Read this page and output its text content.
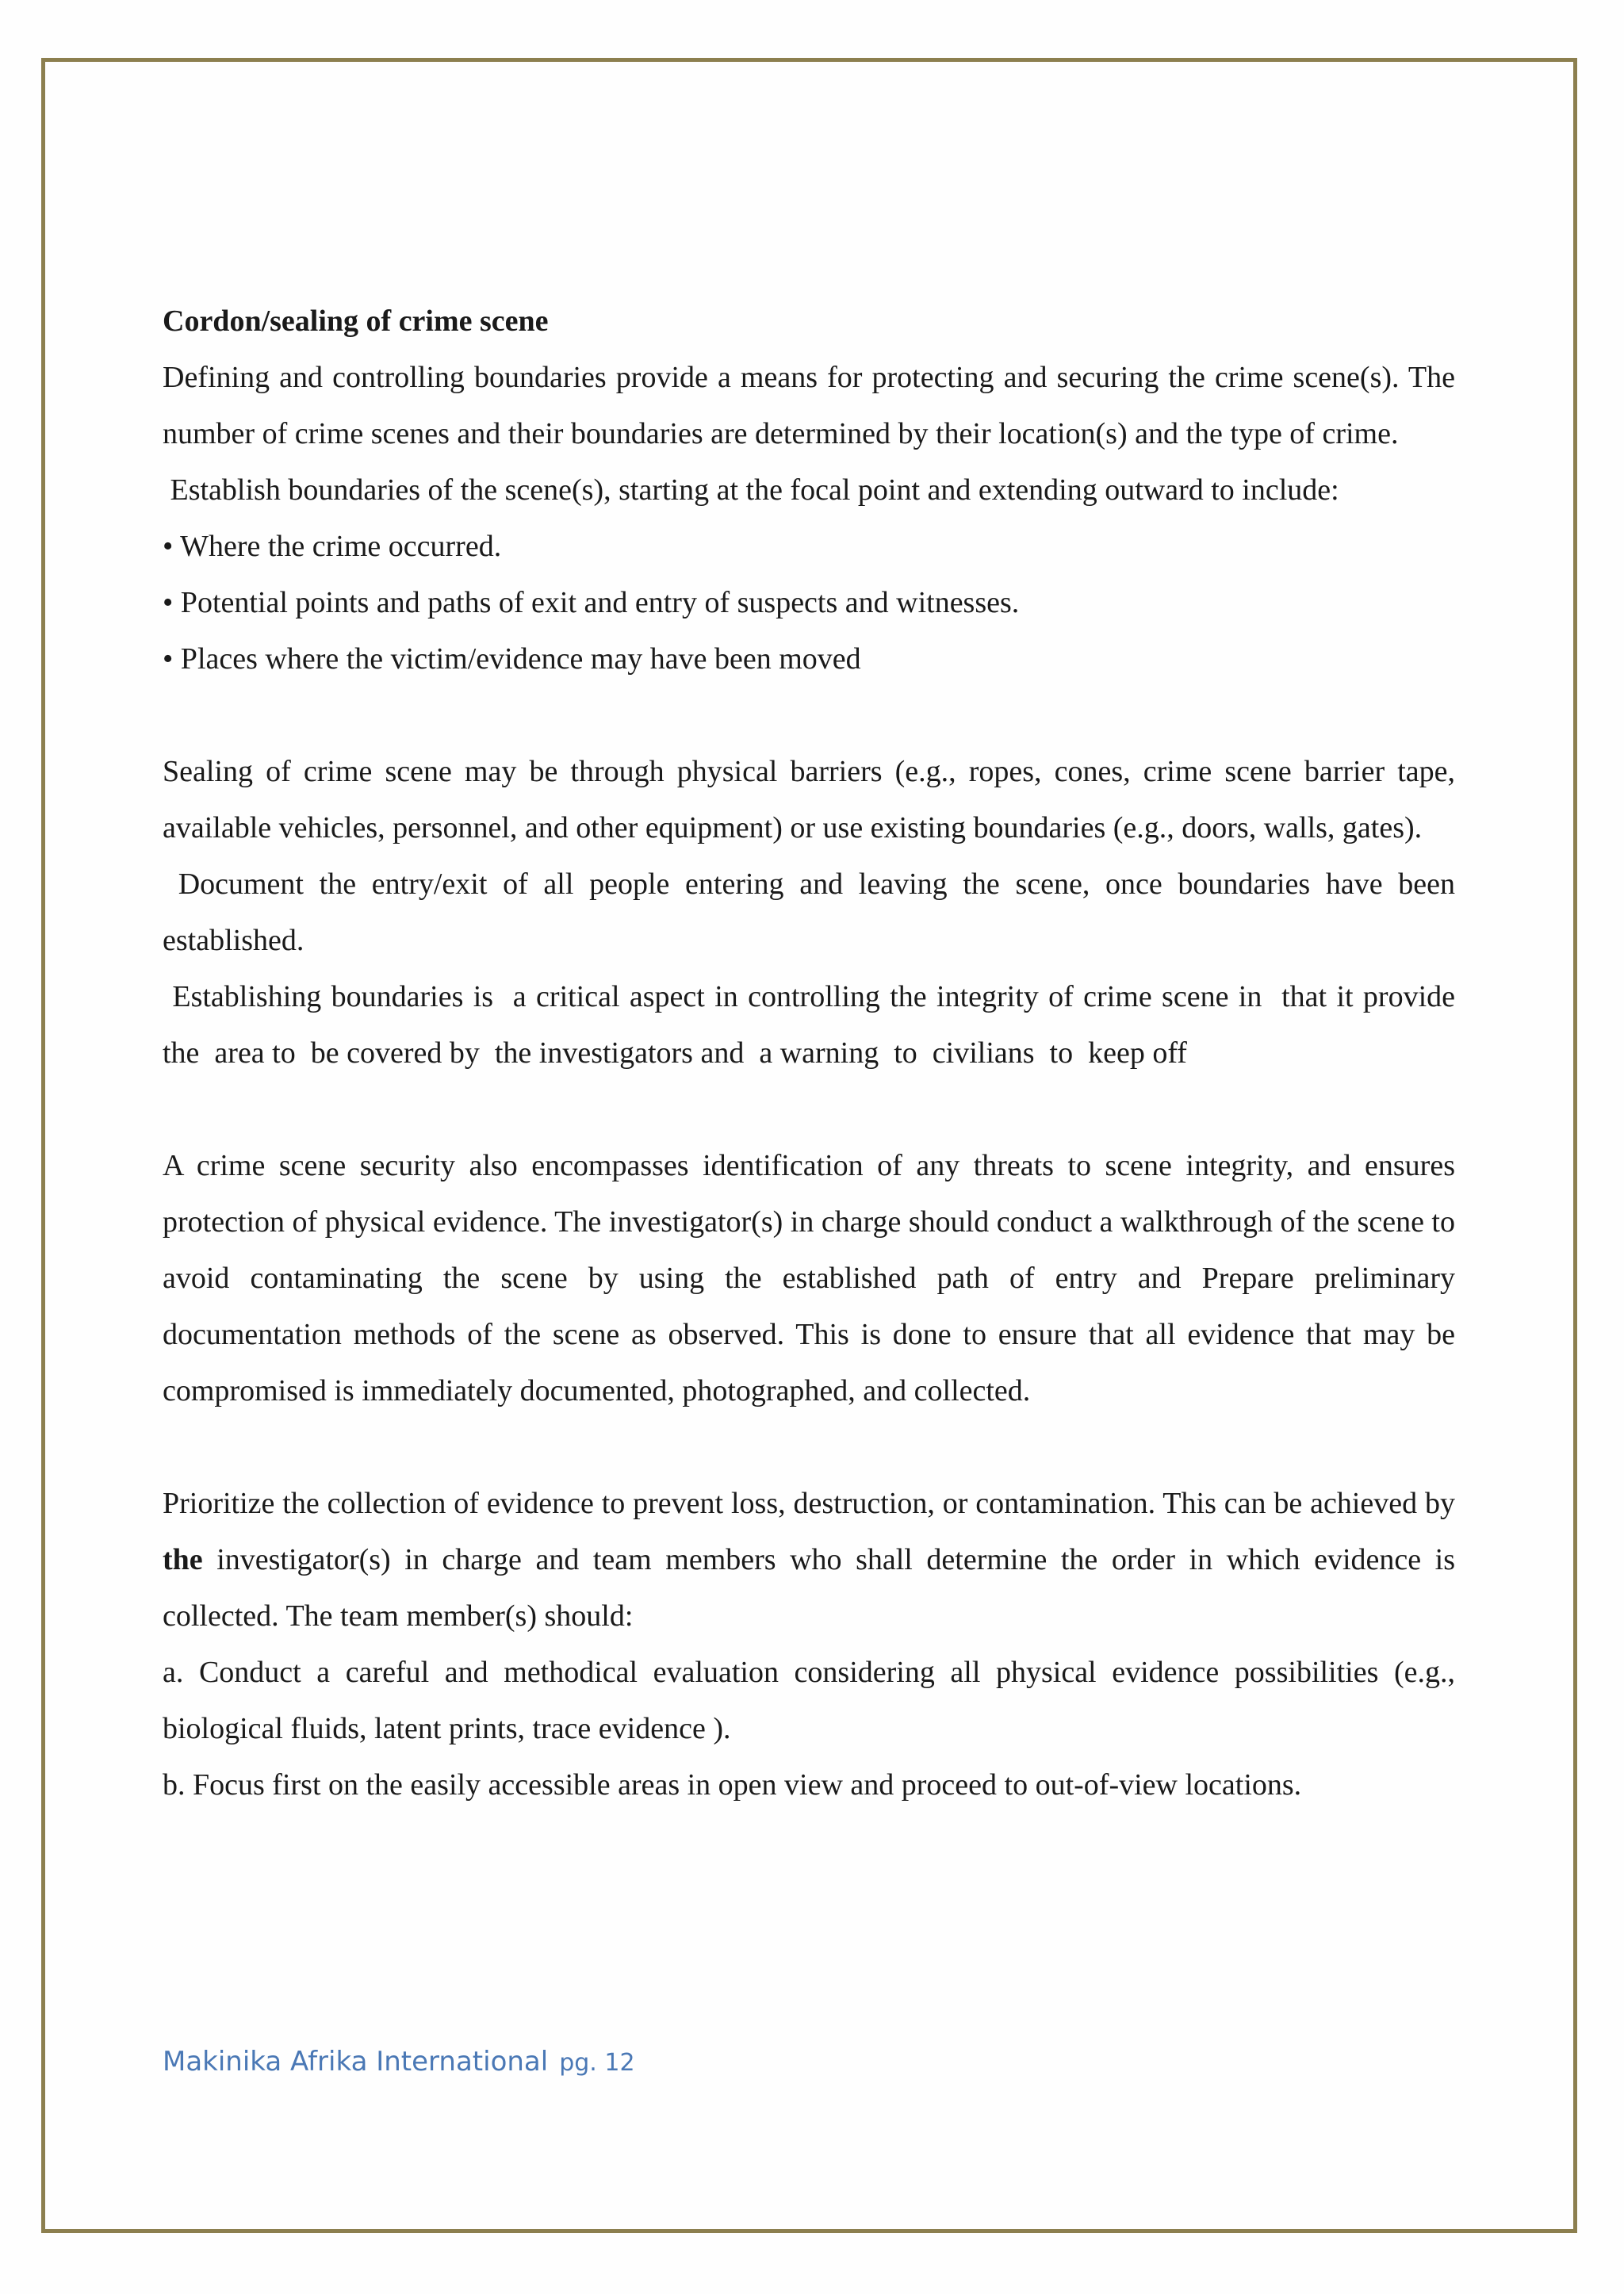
Cordon/sealing of crime scene

Defining and controlling boundaries provide a means for protecting and securing the crime scene(s). The number of crime scenes and their boundaries are determined by their location(s) and the type of crime.

Establish boundaries of the scene(s), starting at the focal point and extending outward to include:

• Where the crime occurred.

• Potential points and paths of exit and entry of suspects and witnesses.

• Places where the victim/evidence may have been moved

Sealing of crime scene may be through physical barriers (e.g., ropes, cones, crime scene barrier tape, available vehicles, personnel, and other equipment) or use existing boundaries (e.g., doors, walls, gates).

Document the entry/exit of all people entering and leaving the scene, once boundaries have been established.

Establishing boundaries is  a critical aspect in controlling the integrity of crime scene in  that it provide  the  area to  be covered by  the investigators and  a warning  to  civilians  to  keep off

A crime scene security also encompasses identification of any threats to scene integrity, and ensures protection of physical evidence. The investigator(s) in charge should conduct a walkthrough of the scene to avoid contaminating the scene by using the established path of entry and Prepare preliminary documentation methods of the scene as observed. This is done to ensure that all evidence that may be compromised is immediately documented, photographed, and collected.

Prioritize the collection of evidence to prevent loss, destruction, or contamination. This can be achieved by the investigator(s) in charge and team members who shall determine the order in which evidence is collected. The team member(s) should:

a. Conduct a careful and methodical evaluation considering all physical evidence possibilities (e.g., biological fluids, latent prints, trace evidence ).

b. Focus first on the easily accessible areas in open view and proceed to out-of-view locations.

Makinika Afrika International pg. 12
